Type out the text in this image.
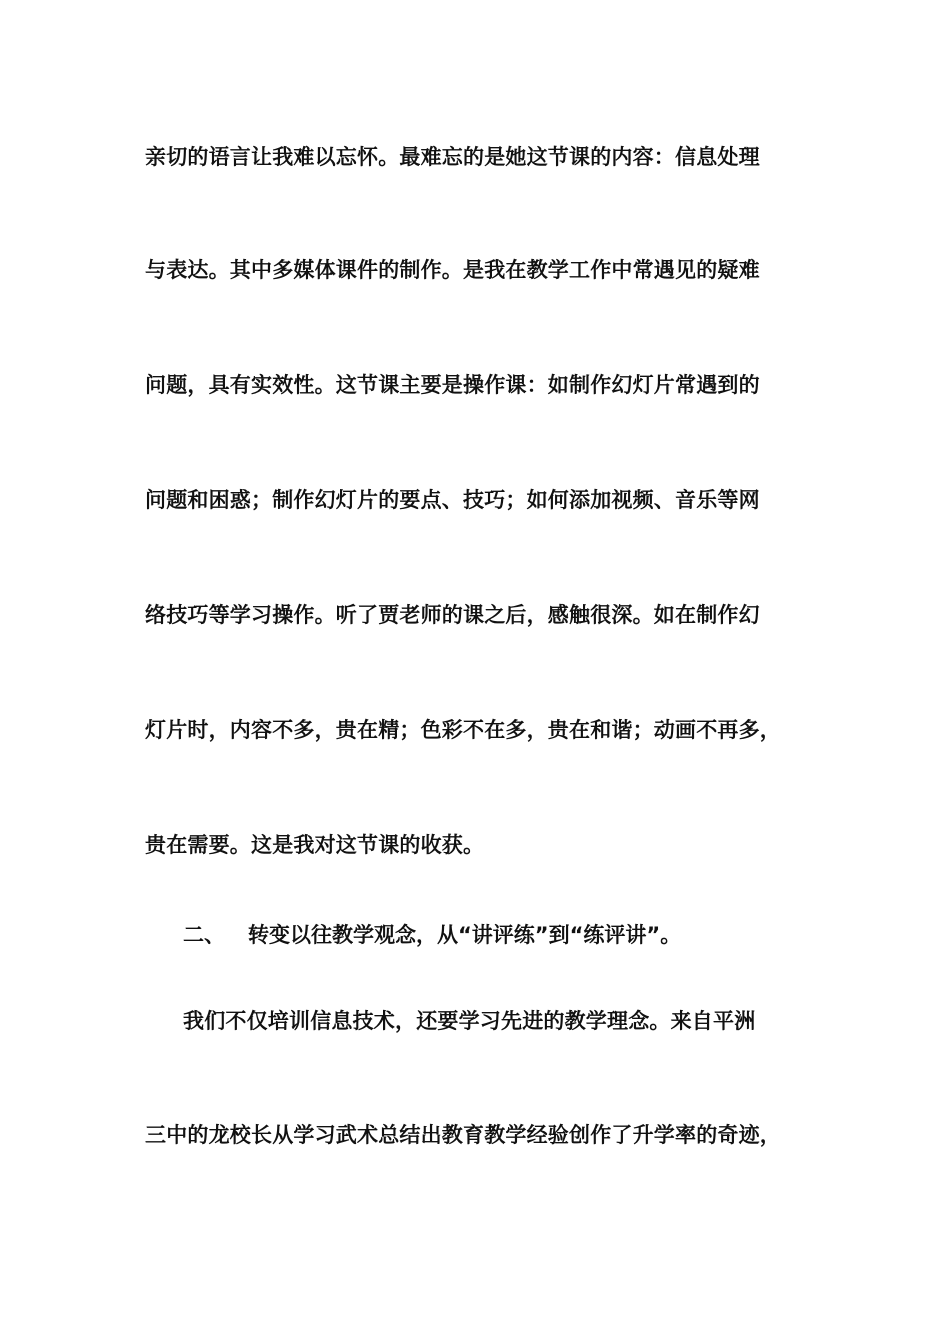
亲切的语言让我难以忘怀。最难忘的是她这节课的内容：信息处理
与表达。其中多媒体课件的制作。是我在教学工作中常遇见的疑难
问题，具有实效性。这节课主要是操作课：如制作幻灯片常遇到的
问题和困惑；制作幻灯片的要点、技巧；如何添加视频、音乐等网
络技巧等学习操作。听了贾老师的课之后，感触很深。如在制作幻
灯片时，内容不多，贵在精；色彩不在多，贵在和谐；动画不再多，
贵在需要。这是我对这节课的收获。
二、 转变以往教学观念，从“讲评练”到“练评讲”。
我们不仅培训信息技术，还要学习先进的教学理念。来自平洲
三中的龙校长从学习武术总结出教育教学经验创作了升学率的奇迹，
